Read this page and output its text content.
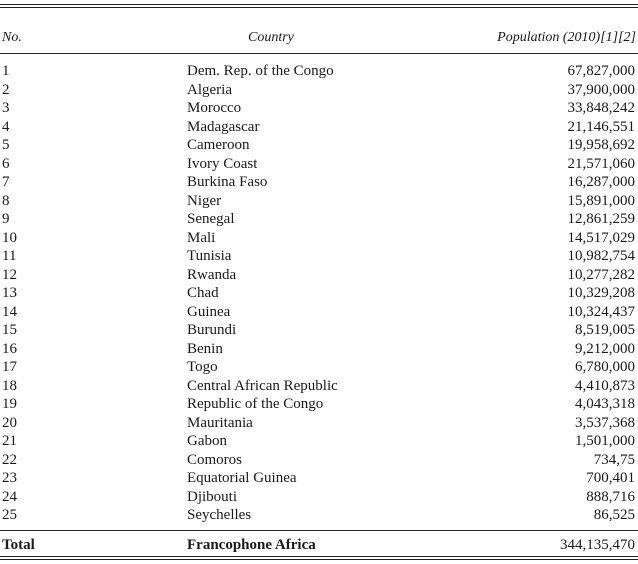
No.	Country	Population (2010)[1][2]
1	Dem. Rep. of the Congo	67,827,000
2	Algeria	37,900,000
3	Morocco	33,848,242
4	Madagascar	21,146,551
5	Cameroon	19,958,692
6	Ivory Coast	21,571,060
7	Burkina Faso	16,287,000
8	Niger	15,891,000
9	Senegal	12,861,259
10	Mali	14,517,029
11	Tunisia	10,982,754
12	Rwanda	10,277,282
13	Chad	10,329,208
14	Guinea	10,324,437
15	Burundi	8,519,005
16	Benin	9,212,000
17	Togo	6,780,000
18	Central African Republic	4,410,873
19	Republic of the Congo	4,043,318
20	Mauritania	3,537,368
21	Gabon	1,501,000
22	Comoros	734,75
23	Equatorial Guinea	700,401
24	Djibouti	888,716
25	Seychelles	86,525
Total	Francophone Africa	344,135,470
